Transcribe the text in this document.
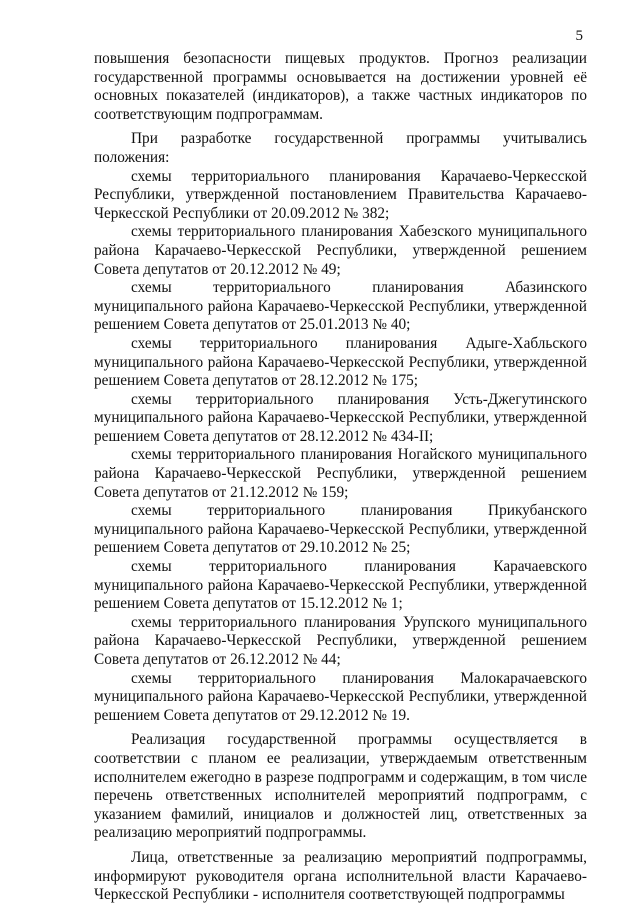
5

повышения безопасности пищевых продуктов. Прогноз реализации государственной программы основывается на достижении уровней её основных показателей (индикаторов), а также частных индикаторов по соответствующим подпрограммам.

При разработке государственной программы учитывались положения:

схемы территориального планирования Карачаево-Черкесской Республики, утвержденной постановлением Правительства Карачаево-Черкесской Республики от 20.09.2012 № 382;

схемы территориального планирования Хабезского муниципального района Карачаево-Черкесской Республики, утвержденной решением Совета депутатов от 20.12.2012 № 49;

схемы территориального планирования Абазинского муниципального района Карачаево-Черкесской Республики, утвержденной решением Совета депутатов от 25.01.2013 № 40;

схемы территориального планирования Адыге-Хабльского муниципального района Карачаево-Черкесской Республики, утвержденной решением Совета депутатов от 28.12.2012 № 175;

схемы территориального планирования Усть-Джегутинского муниципального района Карачаево-Черкесской Республики, утвержденной решением Совета депутатов от 28.12.2012 № 434-II;

схемы территориального планирования Ногайского муниципального района Карачаево-Черкесской Республики, утвержденной решением Совета депутатов от 21.12.2012 № 159;

схемы территориального планирования Прикубанского муниципального района Карачаево-Черкесской Республики, утвержденной решением Совета депутатов от 29.10.2012 № 25;

схемы территориального планирования Карачаевского муниципального района Карачаево-Черкесской Республики, утвержденной решением Совета депутатов от 15.12.2012 № 1;

схемы территориального планирования Урупского муниципального района Карачаево-Черкесской Республики, утвержденной решением Совета депутатов от 26.12.2012 № 44;

схемы территориального планирования Малокарачаевского муниципального района Карачаево-Черкесской Республики, утвержденной решением Совета депутатов от 29.12.2012 № 19.

Реализация государственной программы осуществляется в соответствии с планом ее реализации, утверждаемым ответственным исполнителем ежегодно в разрезе подпрограмм и содержащим, в том числе перечень ответственных исполнителей мероприятий подпрограмм, с указанием фамилий, инициалов и должностей лиц, ответственных за реализацию мероприятий подпрограммы.

Лица, ответственные за реализацию мероприятий подпрограммы, информируют руководителя органа исполнительной власти Карачаево-Черкесской Республики - исполнителя соответствующей подпрограммы
